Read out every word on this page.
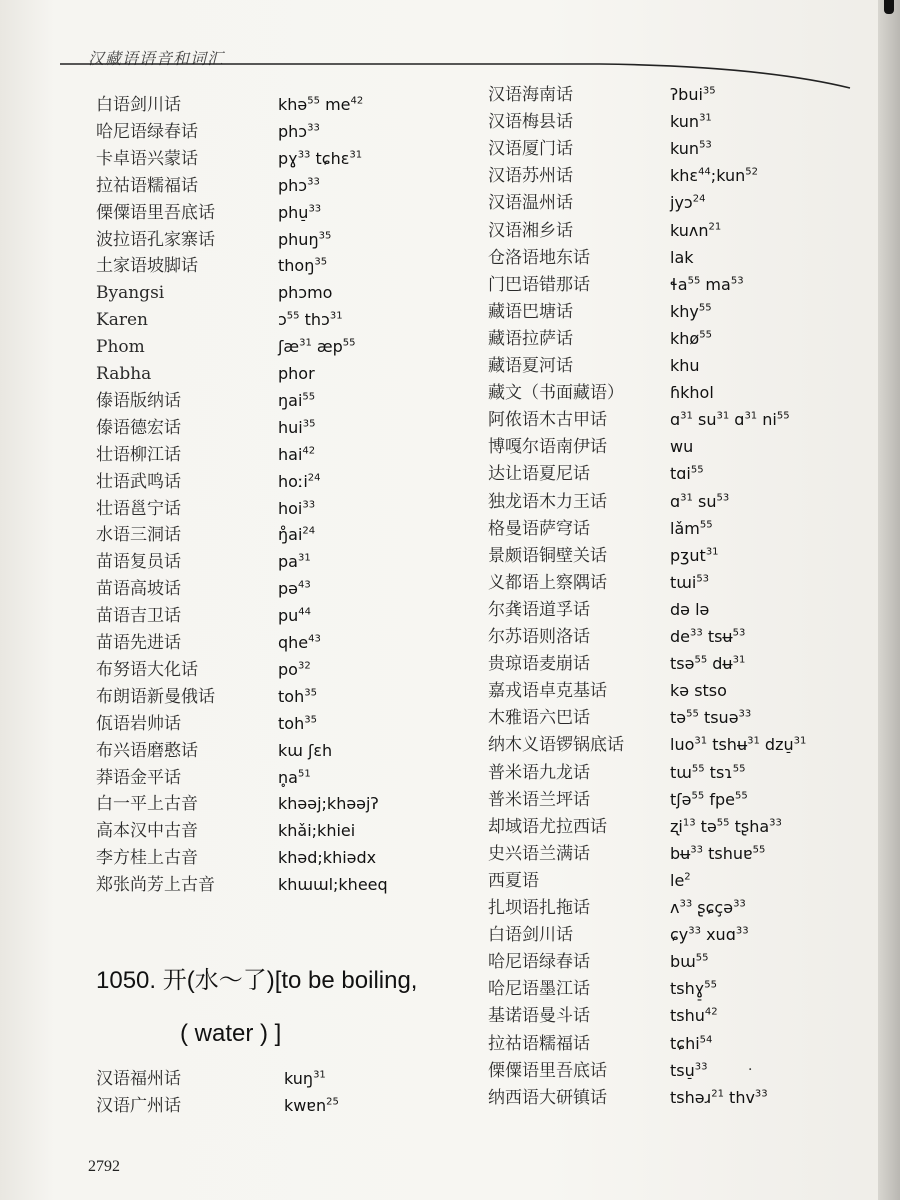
汉藏语语音和词汇
白语剑川话	khə$^{55}$ $me^{42}$
哈尼语绿春话	phɔ$^{33}$
卡卓语兴蒙话	pɣ$^{33}$ tɕhɛ$^{31}$
拉祜语糯福话	phɔ$^{33}$
傈僳语里吾底话	phu̠$^{33}$
波拉语孔家寨话	phuŋ$^{35}$
土家语坡脚话	thoŋ$^{35}$
Byangsi	phɔmo
Karen	ɔ$^{55}$ thɔ$^{31}$
Phom	ʃæ$^{31}$ $æp^{55}$
Rabha	phor
傣语版纳话	ŋai$^{55}$
傣语德宏话	hui$^{35}$
壮语柳江话	hai$^{42}$
壮语武鸣话	hoːi$^{24}$
壮语邕宁话	hoi$^{33}$
水语三洞话	$ŋ̊ai^{24}$
苗语复员话	$pa^{31}$
苗语高坡话	pə$^{43}$
苗语吉卫话	$pu^{44}$
苗语先进话	qhe$^{43}$
布努语大化话	$po^{32}$
布朗语新曼俄话	toh$^{35}$
佤语岩帅话	toh$^{35}$
布兴语磨憨话	kɯ ʃɛh
莽语金平话	$n̥a^{51}$
白一平上古音	khəəj;khəəjʔ
高本汉中古音	khǎi;khiei
李方桂上古音	khəd;khiədx
郑张尚芳上古音	khɯɯl;kheeq
汉语福州话	kuŋ$^{31}$
汉语广州话	kwɐn$^{25}$
汉语海南话	ʔbui$^{35}$
汉语梅县话	kun$^{31}$
汉语厦门话	kun$^{53}$
汉语苏州话	khɛ$^{44}$;kun$^{52}$
汉语温州话	jyɔ$^{24}$
汉语湘乡话	kuʌn$^{21}$
仓洛语地东话	lak
门巴语错那话	ɬa$^{55}$ $ma^{53}$
藏语巴塘话	khy$^{55}$
藏语拉萨话	khø$^{55}$
藏语夏河话	khu
藏文（书面藏语）	ɦkhol
阿侬语木古甲话	ɑ$^{31}$ $su^{31}$ ɑ$^{31}$ $ni^{55}$
博嘎尔语南伊话	wu
达让语夏尼话	tɑi$^{55}$
独龙语木力王话	ɑ$^{31}$ $su^{53}$
格曼语萨穹话	lǎm$^{55}$
景颇语铜壁关话	pʒut$^{31}$
义都语上察隅话	tɯi$^{53}$
尔龚语道孚话	də lə
尔苏语则洛话	$de^{33}$ tsʉ$^{53}$
贵琼语麦崩话	tsə$^{55}$ dʉ$^{31}$
嘉戎语卓克基话	kə stso
木雅语六巴话	tə$^{55}$ tsuə$^{33}$
纳木义语锣锅底话	luo$^{31}$ tshʉ$^{31}$ dzu̠$^{31}$
普米语九龙话	tɯ$^{55}$ tsɿ$^{55}$
普米语兰坪话	tʃə$^{55}$ fpe$^{55}$
却域语尤拉西话	ʐi$^{13}$ tə$^{55}$ tʂha$^{33}$
史兴语兰满话	bʉ$^{33}$ tshuɐ$^{55}$
西夏语	$le^2$
扎坝语扎拖话	ʌ$^{33}$ ʂɕçə$^{33}$
白语剑川话	ɕy$^{33}$ xuɑ$^{33}$
哈尼语绿春话	bɯ$^{55}$
哈尼语墨江话	tshɣ̠$^{55}$
基诺语曼斗话	tshu$^{42}$
拉祜语糯福话	tɕhi$^{54}$
傈僳语里吾底话	tsu̠$^{33}$
纳西语大研镇话	tshəɹ$^{21}$ thv$^{33}$
1050. 开(水～了)[to be boiling,
( water ) ]
·
2792
